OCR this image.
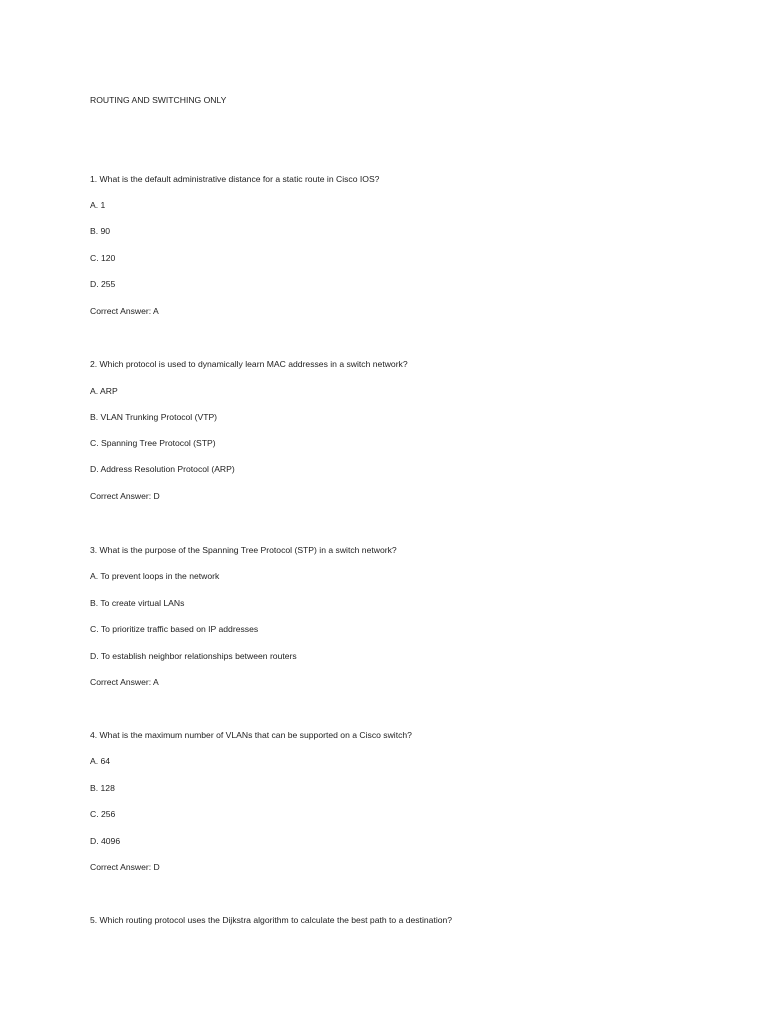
ROUTING AND SWITCHING ONLY
1. What is the default administrative distance for a static route in Cisco IOS?
A. 1
B. 90
C. 120
D. 255
Correct Answer: A
2. Which protocol is used to dynamically learn MAC addresses in a switch network?
A. ARP
B. VLAN Trunking Protocol (VTP)
C. Spanning Tree Protocol (STP)
D. Address Resolution Protocol (ARP)
Correct Answer: D
3. What is the purpose of the Spanning Tree Protocol (STP) in a switch network?
A. To prevent loops in the network
B. To create virtual LANs
C. To prioritize traffic based on IP addresses
D. To establish neighbor relationships between routers
Correct Answer: A
4. What is the maximum number of VLANs that can be supported on a Cisco switch?
A. 64
B. 128
C. 256
D. 4096
Correct Answer: D
5. Which routing protocol uses the Dijkstra algorithm to calculate the best path to a destination?
